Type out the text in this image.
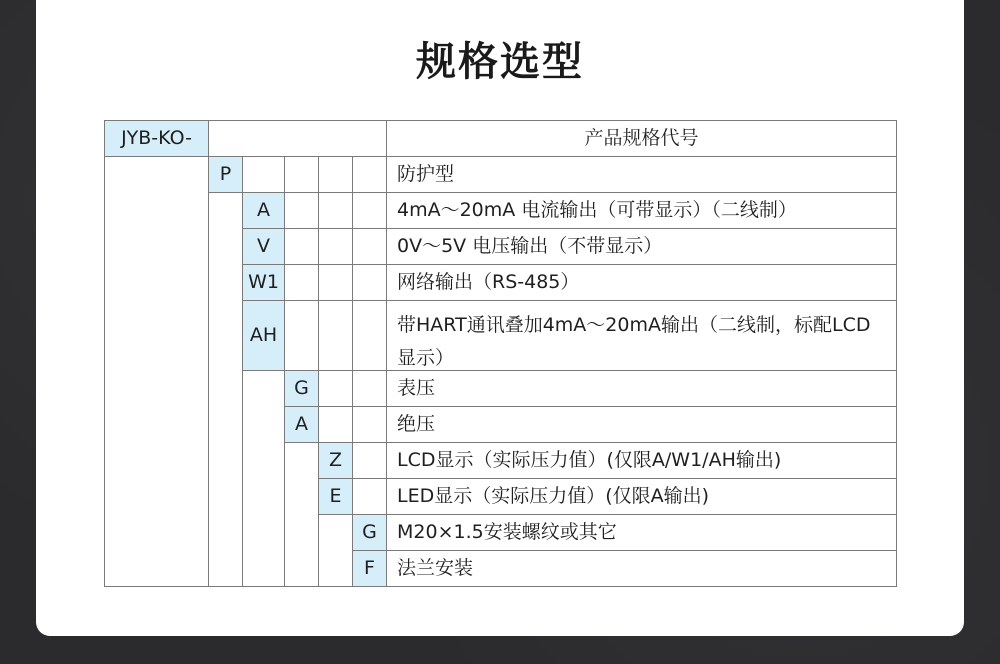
规格选型
JYB-KO-	产品规格代号
P	防护型
A	4mA～20mA 电流输出（可带显示）（二线制）
V	0V～5V 电压输出（不带显示）
W1	网络输出（RS-485）
AH	带HART通讯叠加4mA～20mA输出（二线制，标配LCD显示）
G	表压
A	绝压
Z	LCD显示（实际压力值）(仅限A/W1/AH输出)
E	LED显示（实际压力值）(仅限A输出)
G	M20×1.5安装螺纹或其它
F	法兰安装
